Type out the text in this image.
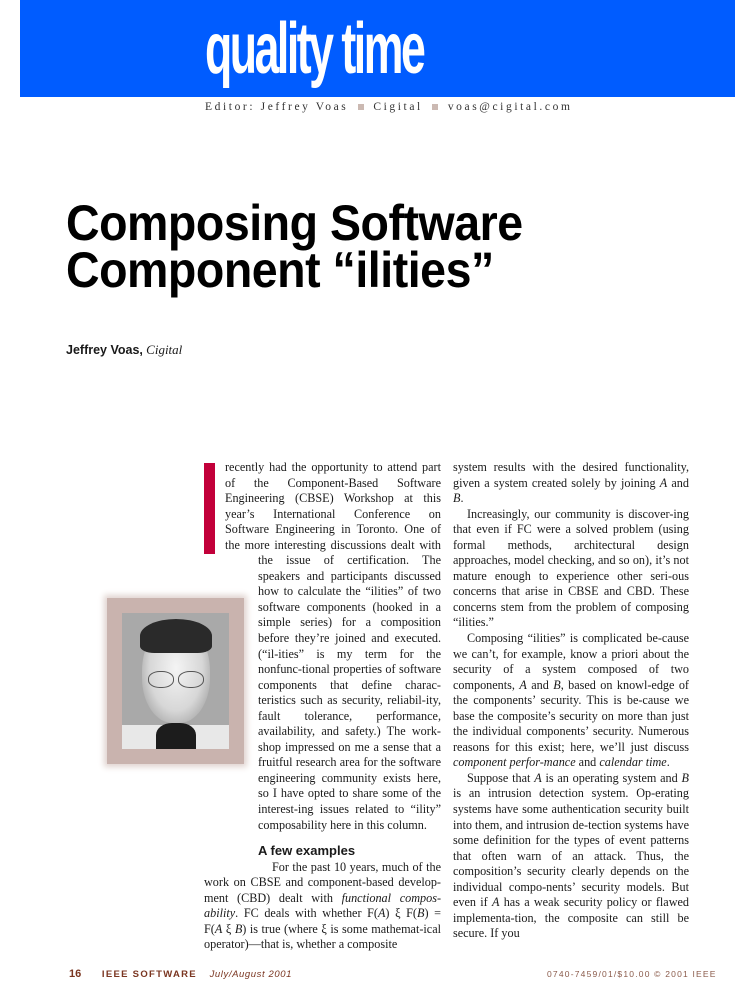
quality time
Editor: Jeffrey Voas Cigital voas@cigital.com
Composing Software
Component “ilities”
Jeffrey Voas, Cigital

recently had the opportunity to attend part of the Component-Based Software Engineering (CBSE) Workshop at this year’s International Conference on Software Engineering in Toronto. One of the more interesting discussions dealt with the issue of certification. The speakers and participants discussed how to calculate the “ilities” of two software components (hooked in a simple series) for a composition before they’re joined and executed. (“il-ities” is my term for the nonfunc-tional properties of software components that define charac-teristics such as security, reliabil-ity, fault tolerance, performance, availability, and safety.) The work-shop impressed on me a sense that a fruitful research area for the software engineering community exists here, so I have opted to share some of the interest-ing issues related to “ility” composability here in this column.

A few examples

For the past 10 years, much of the work on CBSE and component-based develop-ment (CBD) dealt with functional compos-ability. FC deals with whether F(A) ξ F(B) = F(A ξ B) is true (where ξ is some mathemat-ical operator)—that is, whether a composite

system results with the desired functionality, given a system created solely by joining A and B.

Increasingly, our community is discover-ing that even if FC were a solved problem (using formal methods, architectural design approaches, model checking, and so on), it’s not mature enough to experience other seri-ous concerns that arise in CBSE and CBD. These concerns stem from the problem of composing “ilities.”

Composing “ilities” is complicated be-cause we can’t, for example, know a priori about the security of a system composed of two components, A and B, based on knowl-edge of the components’ security. This is be-cause we base the composite’s security on more than just the individual components’ security. Numerous reasons for this exist; here, we’ll just discuss component perfor-mance and calendar time.

Suppose that A is an operating system and B is an intrusion detection system. Op-erating systems have some authentication security built into them, and intrusion de-tection systems have some definition for the types of event patterns that often warn of an attack. Thus, the composition’s security clearly depends on the individual compo-nents’ security models. But even if A has a weak security policy or flawed implementa-tion, the composite can still be secure. If you

16 IEEE SOFTWARE July/August 2001	0740-7459/01/$10.00 © 2001 IEEE
